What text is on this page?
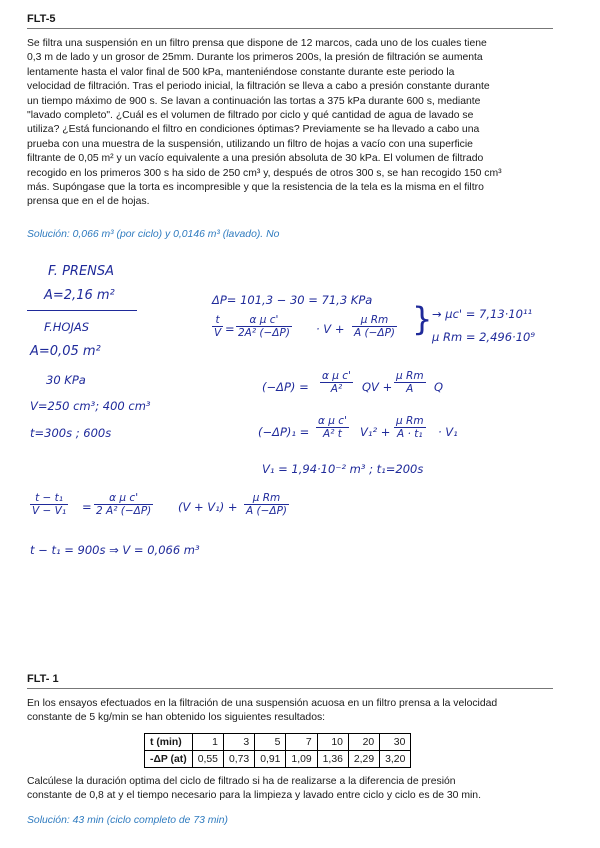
FLT-5
Se filtra una suspensión en un filtro prensa que dispone de 12 marcos, cada uno de los cuales tiene
0,3 m de lado y un grosor de 25mm. Durante los primeros 200s, la presión de filtración se aumenta
lentamente hasta el valor final de 500 kPa, manteniéndose constante durante este periodo la
velocidad de filtración. Tras el periodo inicial, la filtración se lleva a cabo a presión constante durante
un tiempo máximo de 900 s. Se lavan a continuación las tortas a 375 kPa durante 600 s, mediante
"lavado completo". ¿Cuál es el volumen de filtrado por ciclo y qué cantidad de agua de lavado se
utiliza? ¿Está funcionando el filtro en condiciones óptimas? Previamente se ha llevado a cabo una
prueba con una muestra de la suspensión, utilizando un filtro de hojas a vacío con una superficie
filtrante de 0,05 m² y un vacío equivalente a una presión absoluta de 30 kPa. El volumen de filtrado
recogido en los primeros 300 s ha sido de 250 cm³ y, después de otros 300 s, se han recogido 150 cm³
más. Supóngase que la torta es incompresible y que la resistencia de la tela es la misma en el filtro
prensa que en el de hojas.
Solución: 0,066 m³ (por ciclo) y 0,0146 m³ (lavado). No
F. PRENSA
A=2,16 m²
F.HOJAS
A=0,05 m²
30 KPa
V=250 cm³; 400 cm³
t=300s ; 600s
ΔP= 101,3 − 30 = 71,3 KPa
$\frac{t}{V} = \frac{\text{α μ c'}}{\text{2A² (−ΔP)}} \cdot V + \frac{\text{μ Rm}}{A (-\Delta P)}$ } → μc' = 7,13·10¹¹
μ Rm = 2,496·10⁹
$(-\Delta P) = \frac{\text{α μ c'}}{\text{A²}}$ QV + $\frac{\text{μ Rm}}{A}$ Q
$(-\Delta P)_1 = \frac{\text{α μ c'}}{\text{A² t}} V_1^2 + \frac{\text{μ Rm}}{\text{A · t₁}} \cdot V_1$
V₁ = 1,94·10⁻² m³ ; t₁=200s
$\frac{\text{t − t₁}}{\text{V − V₁}} = \frac{\text{α μ c'}}{\text{2 A² (−ΔP)}} (V + V_1) + \frac{\text{μ Rm}}{A (-\Delta P)}$
t − t₁ = 900s ⇒ V = 0,066 m³
FLT- 1
En los ensayos efectuados en la filtración de una suspensión acuosa en un filtro prensa a la velocidad
constante de 5 kg/min se han obtenido los siguientes resultados:
t (min)	1	3	5	7	10	20	30
-ΔP (at)	0,55	0,73	0,91	1,09	1,36	2,29	3,20
Calcúlese la duración optima del ciclo de filtrado si ha de realizarse a la diferencia de presión
constante de 0,8 at y el tiempo necesario para la limpieza y lavado entre ciclo y ciclo es de 30 min.
Solución: 43 min (ciclo completo de 73 min)
